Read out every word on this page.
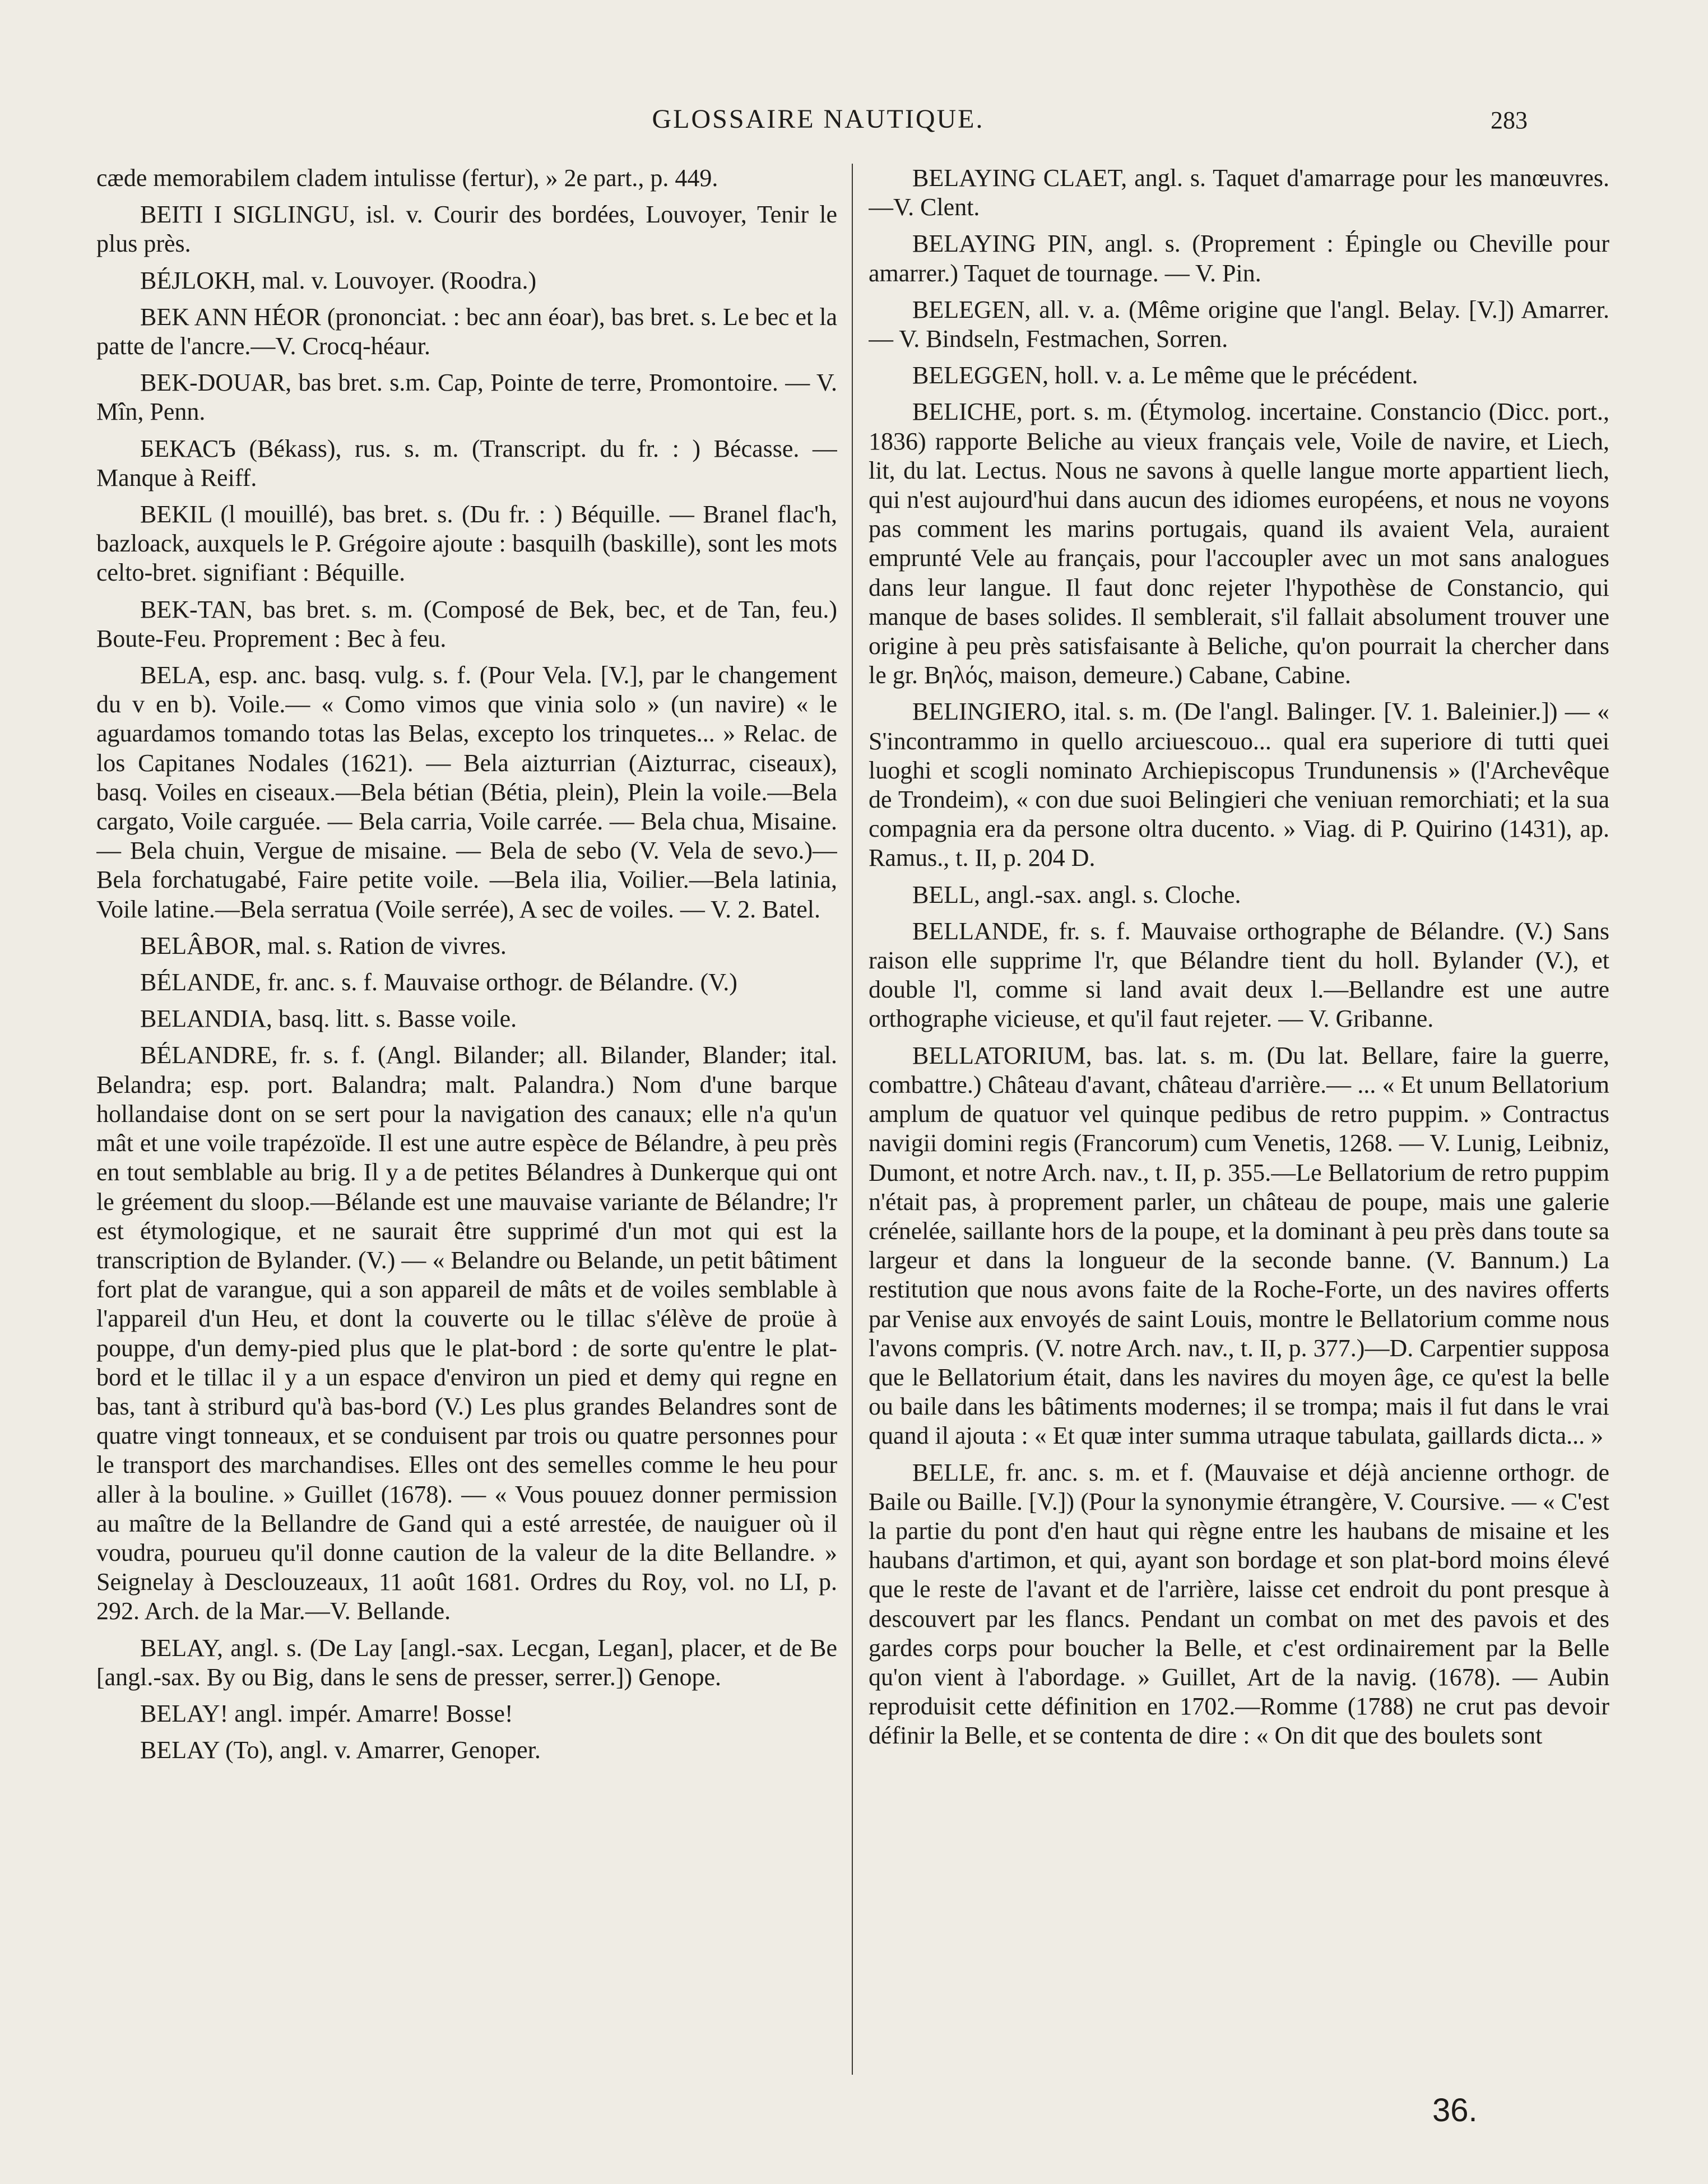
GLOSSAIRE NAUTIQUE.	283

cæde memorabilem cladem intulisse (fertur), » 2e part., p. 449.

BEITI I SIGLINGU, isl. v. Courir des bordées, Louvoyer, Tenir le plus près.

BÉJLOKH, mal. v. Louvoyer. (Roodra.)

BEK ANN HÉOR (prononciat. : bec ann éoar), bas bret. s. Le bec et la patte de l'ancre.—V. Crocq-héaur.

BEK-DOUAR, bas bret. s.m. Cap, Pointe de terre, Promontoire. — V. Mîn, Penn.

БЕКАСЪ (Békass), rus. s. m. (Transcript. du fr. : ) Bécasse. — Manque à Reiff.

BEKIL (l mouillé), bas bret. s. (Du fr. : ) Béquille. — Branel flac'h, bazloack, auxquels le P. Grégoire ajoute : basquilh (baskille), sont les mots celto-bret. signifiant : Béquille.

BEK-TAN, bas bret. s. m. (Composé de Bek, bec, et de Tan, feu.) Boute-Feu. Proprement : Bec à feu.

BELA, esp. anc. basq. vulg. s. f. (Pour Vela. [V.], par le changement du v en b). Voile.— « Como vimos que vinia solo » (un navire) « le aguardamos tomando totas las Belas, excepto los trinquetes... » Relac. de los Capitanes Nodales (1621). — Bela aizturrian (Aizturrac, ciseaux), basq. Voiles en ciseaux.—Bela bétian (Bétia, plein), Plein la voile.—Bela cargato, Voile carguée. — Bela carria, Voile carrée. — Bela chua, Misaine. — Bela chuin, Vergue de misaine. — Bela de sebo (V. Vela de sevo.)—Bela forchatugabé, Faire petite voile. —Bela ilia, Voilier.—Bela latinia, Voile latine.—Bela serratua (Voile serrée), A sec de voiles. — V. 2. Batel.

BELÂBOR, mal. s. Ration de vivres.

BÉLANDE, fr. anc. s. f. Mauvaise orthogr. de Bélandre. (V.)

BELANDIA, basq. litt. s. Basse voile.

BÉLANDRE, fr. s. f. (Angl. Bilander; all. Bilander, Blander; ital. Belandra; esp. port. Balandra; malt. Palandra.) Nom d'une barque hollandaise dont on se sert pour la navigation des canaux; elle n'a qu'un mât et une voile trapézoïde. Il est une autre espèce de Bélandre, à peu près en tout semblable au brig. Il y a de petites Bélandres à Dunkerque qui ont le gréement du sloop.—Bélande est une mauvaise variante de Bélandre; l'r est étymologique, et ne saurait être supprimé d'un mot qui est la transcription de Bylander. (V.) — « Belandre ou Belande, un petit bâtiment fort plat de varangue, qui a son appareil de mâts et de voiles semblable à l'appareil d'un Heu, et dont la couverte ou le tillac s'élève de proüe à pouppe, d'un demy-pied plus que le plat-bord : de sorte qu'entre le plat-bord et le tillac il y a un espace d'environ un pied et demy qui regne en bas, tant à striburd qu'à bas-bord (V.) Les plus grandes Belandres sont de quatre vingt tonneaux, et se conduisent par trois ou quatre personnes pour le transport des marchandises. Elles ont des semelles comme le heu pour aller à la bouline. » Guillet (1678). — « Vous pouuez donner permission au maître de la Bellandre de Gand qui a esté arrestée, de nauiguer où il voudra, pourueu qu'il donne caution de la valeur de la dite Bellandre. » Seignelay à Desclouzeaux, 11 août 1681. Ordres du Roy, vol. no LI, p. 292. Arch. de la Mar.—V. Bellande.

BELAY, angl. s. (De Lay [angl.-sax. Lecgan, Legan], placer, et de Be [angl.-sax. By ou Big, dans le sens de presser, serrer.]) Genope.

BELAY! angl. impér. Amarre! Bosse!

BELAY (To), angl. v. Amarrer, Genoper.

BELAYING CLAET, angl. s. Taquet d'amarrage pour les manœuvres. —V. Clent.

BELAYING PIN, angl. s. (Proprement : Épingle ou Cheville pour amarrer.) Taquet de tournage. — V. Pin.

BELEGEN, all. v. a. (Même origine que l'angl. Belay. [V.]) Amarrer. — V. Bindseln, Festmachen, Sorren.

BELEGGEN, holl. v. a. Le même que le précédent.

BELICHE, port. s. m. (Étymolog. incertaine. Constancio (Dicc. port., 1836) rapporte Beliche au vieux français vele, Voile de navire, et Liech, lit, du lat. Lectus. Nous ne savons à quelle langue morte appartient liech, qui n'est aujourd'hui dans aucun des idiomes européens, et nous ne voyons pas comment les marins portugais, quand ils avaient Vela, auraient emprunté Vele au français, pour l'accoupler avec un mot sans analogues dans leur langue. Il faut donc rejeter l'hypothèse de Constancio, qui manque de bases solides. Il semblerait, s'il fallait absolument trouver une origine à peu près satisfaisante à Beliche, qu'on pourrait la chercher dans le gr. Βηλός, maison, demeure.) Cabane, Cabine.

BELINGIERO, ital. s. m. (De l'angl. Balinger. [V. 1. Baleinier.]) — « S'incontrammo in quello arciuescouo... qual era superiore di tutti quei luoghi et scogli nominato Archiepiscopus Trundunensis » (l'Archevêque de Trondeim), « con due suoi Belingieri che veniuan remorchiati; et la sua compagnia era da persone oltra ducento. » Viag. di P. Quirino (1431), ap. Ramus., t. II, p. 204 D.

BELL, angl.-sax. angl. s. Cloche.

BELLANDE, fr. s. f. Mauvaise orthographe de Bélandre. (V.) Sans raison elle supprime l'r, que Bélandre tient du holl. Bylander (V.), et double l'l, comme si land avait deux l.—Bellandre est une autre orthographe vicieuse, et qu'il faut rejeter. — V. Gribanne.

BELLATORIUM, bas. lat. s. m. (Du lat. Bellare, faire la guerre, combattre.) Château d'avant, château d'arrière.— ... « Et unum Bellatorium amplum de quatuor vel quinque pedibus de retro puppim. » Contractus navigii domini regis (Francorum) cum Venetis, 1268. — V. Lunig, Leibniz, Dumont, et notre Arch. nav., t. II, p. 355.—Le Bellatorium de retro puppim n'était pas, à proprement parler, un château de poupe, mais une galerie crénelée, saillante hors de la poupe, et la dominant à peu près dans toute sa largeur et dans la longueur de la seconde banne. (V. Bannum.) La restitution que nous avons faite de la Roche-Forte, un des navires offerts par Venise aux envoyés de saint Louis, montre le Bellatorium comme nous l'avons compris. (V. notre Arch. nav., t. II, p. 377.)—D. Carpentier supposa que le Bellatorium était, dans les navires du moyen âge, ce qu'est la belle ou baile dans les bâtiments modernes; il se trompa; mais il fut dans le vrai quand il ajouta : « Et quæ inter summa utraque tabulata, gaillards dicta... »

BELLE, fr. anc. s. m. et f. (Mauvaise et déjà ancienne orthogr. de Baile ou Baille. [V.]) (Pour la synonymie étrangère, V. Coursive. — « C'est la partie du pont d'en haut qui règne entre les haubans de misaine et les haubans d'artimon, et qui, ayant son bordage et son plat-bord moins élevé que le reste de l'avant et de l'arrière, laisse cet endroit du pont presque à descouvert par les flancs. Pendant un combat on met des pavois et des gardes corps pour boucher la Belle, et c'est ordinairement par la Belle qu'on vient à l'abordage. » Guillet, Art de la navig. (1678). — Aubin reproduisit cette définition en 1702.—Romme (1788) ne crut pas devoir définir la Belle, et se contenta de dire : « On dit que des boulets sont

36.
